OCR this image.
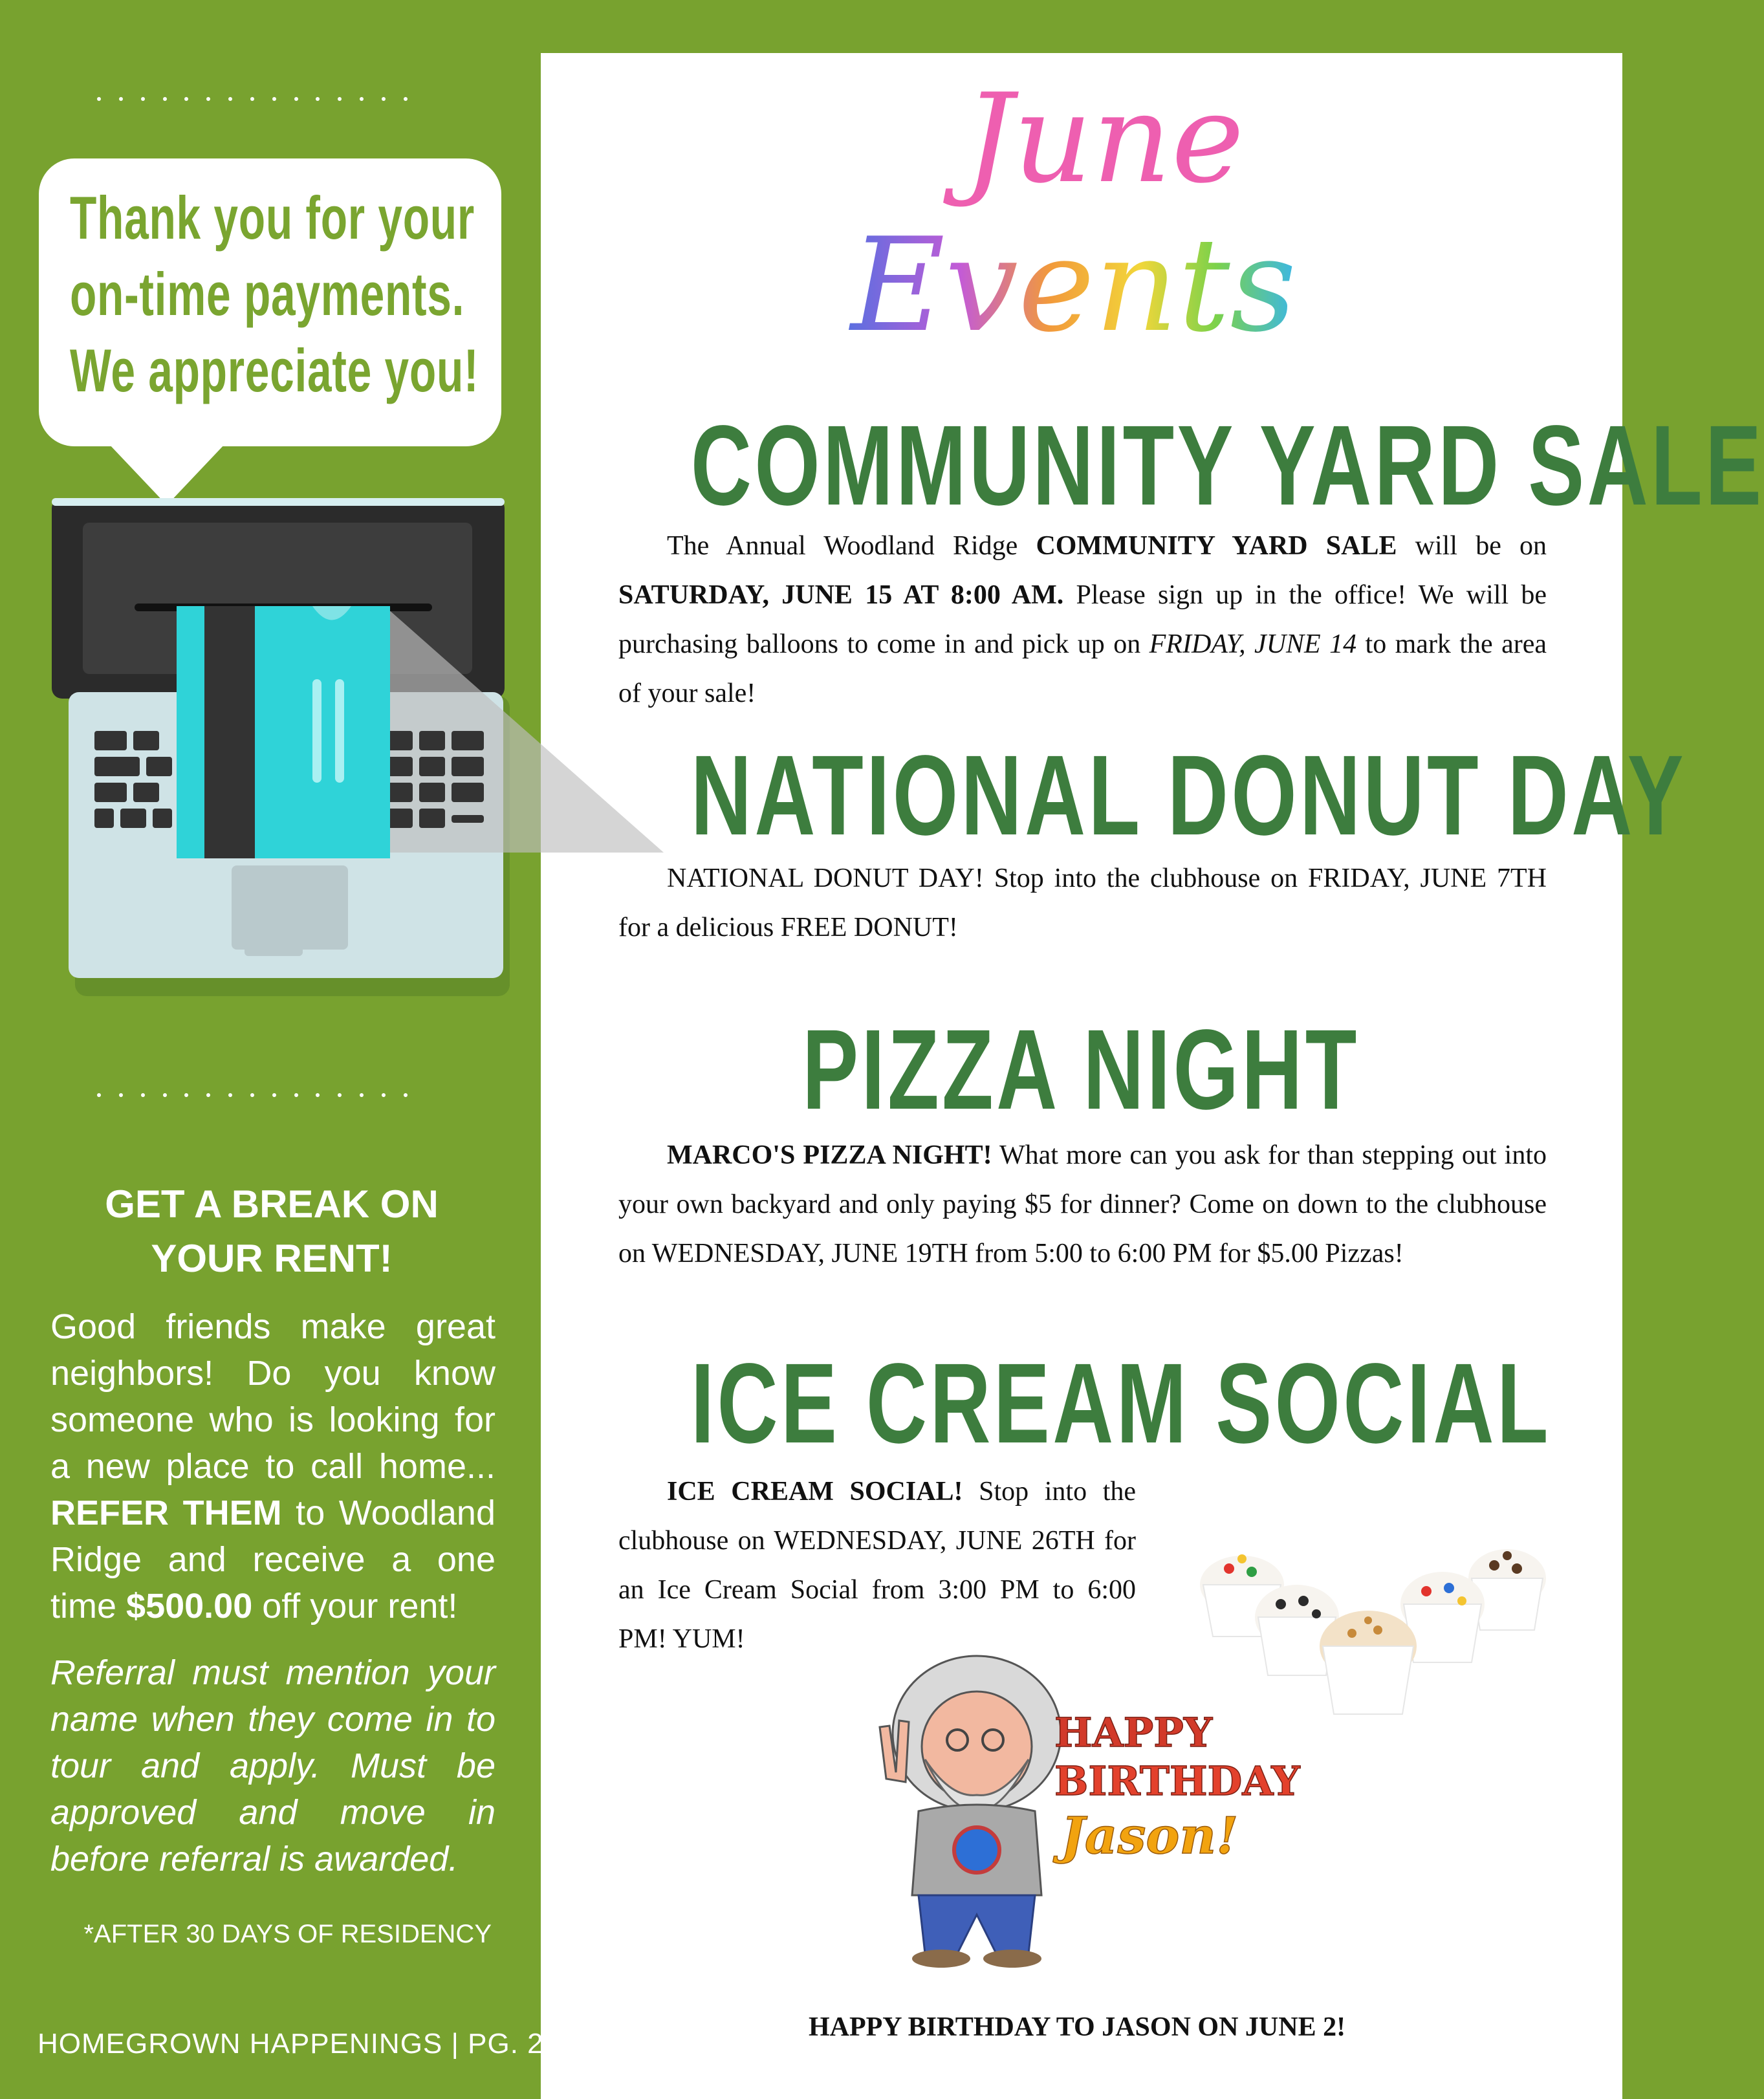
Thank you for your
on-time payments.
We appreciate you!
GET A BREAK ON
YOUR RENT!
Good friends make great
neighbors! Do you know
someone who is looking for
a new place to call home...
REFER THEM to Woodland
Ridge and receive a one
time $500.00 off your rent!
Referral must mention your
name when they come in to
tour and apply. Must be
approved and move in
before referral is awarded.
*AFTER 30 DAYS OF RESIDENCY
HOMEGROWN HAPPENINGS | PG. 2
June
Events
COMMUNITY YARD SALE
The Annual Woodland Ridge COMMUNITY YARD SALE will be on SATURDAY, JUNE 15 AT 8:00 AM. Please sign up in the office! We will be purchasing balloons to come in and pick up on FRIDAY, JUNE 14 to mark the area of your sale!
NATIONAL DONUT DAY
NATIONAL DONUT DAY! Stop into the clubhouse on FRIDAY, JUNE 7TH for a delicious FREE DONUT!
PIZZA NIGHT
MARCO'S PIZZA NIGHT! What more can you ask for than stepping out into your own backyard and only paying $5 for dinner? Come on down to the clubhouse on WEDNESDAY, JUNE 19TH from 5:00 to 6:00 PM for $5.00 Pizzas!
ICE CREAM SOCIAL
ICE CREAM SOCIAL! Stop into the clubhouse on WEDNESDAY, JUNE 26TH for an Ice Cream Social from 3:00 PM to 6:00 PM! YUM!
HAPPY
BIRTHDAY
Jason!
HAPPY BIRTHDAY TO JASON ON JUNE 2!
